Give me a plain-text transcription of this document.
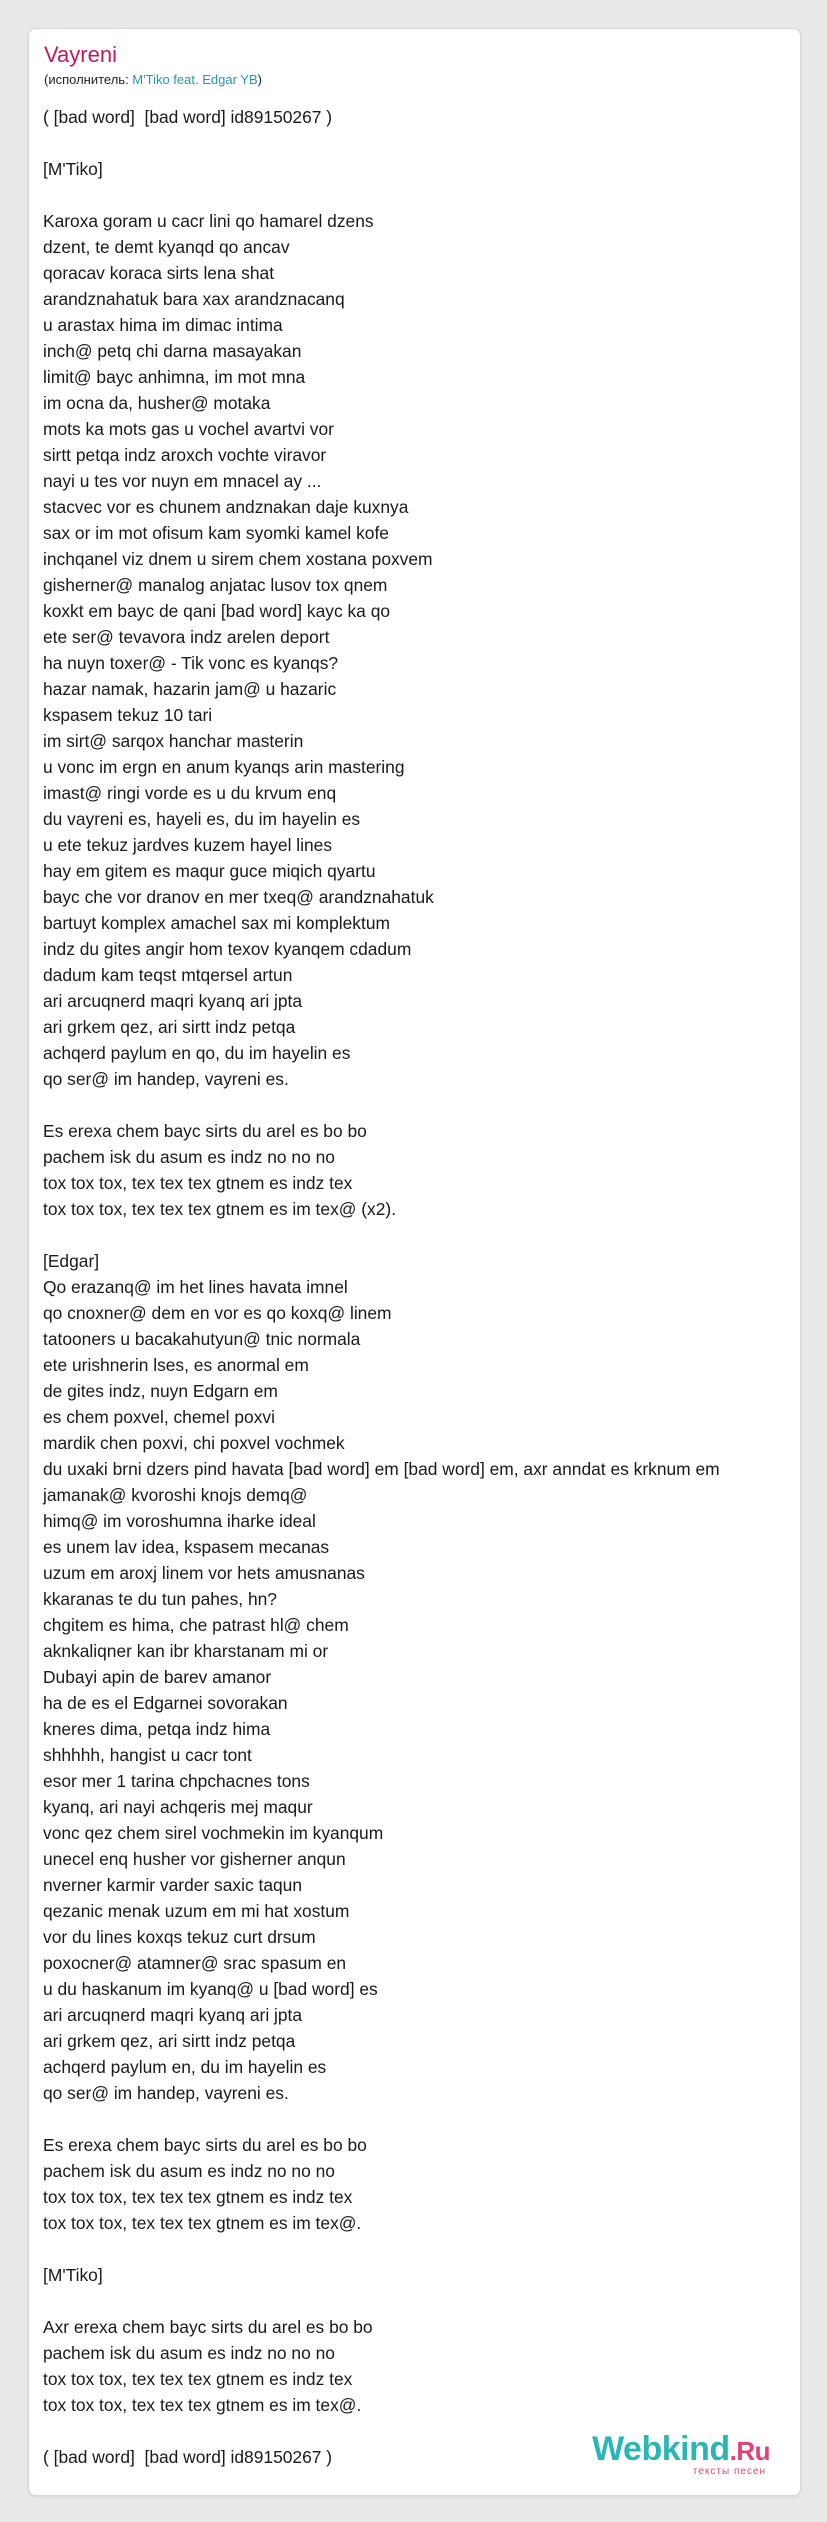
Vayreni
(исполнитель: M'Tiko feat. Edgar YB)
( [bad word]  [bad word] id89150267 )

[M'Tiko]

Karoxa goram u cacr lini qo hamarel dzens
dzent, te demt kyanqd qo ancav
qoracav koraca sirts lena shat
arandznahatuk bara xax arandznacanq
u arastax hima im dimac intima
inch@ petq chi darna masayakan
limit@ bayc anhimna, im mot mna
im ocna da, husher@ motaka
mots ka mots gas u vochel avartvi vor
sirtt petqa indz aroxch vochte viravor
nayi u tes vor nuyn em mnacel ay ...
stacvec vor es chunem andznakan daje kuxnya
sax or im mot ofisum kam syomki kamel kofe
inchqanel viz dnem u sirem chem xostana poxvem
gisherner@ manalog anjatac lusov tox qnem
koxkt em bayc de qani [bad word] kayc ka qo
ete ser@ tevavora indz arelen deport
ha nuyn toxer@ - Tik vonc es kyanqs?
hazar namak, hazarin jam@ u hazaric
kspasem tekuz 10 tari
im sirt@ sarqox hanchar masterin
u vonc im ergn en anum kyanqs arin mastering
imast@ ringi vorde es u du krvum enq
du vayreni es, hayeli es, du im hayelin es
u ete tekuz jardves kuzem hayel lines
hay em gitem es maqur guce miqich qyartu
bayc che vor dranov en mer txeq@ arandznahatuk
bartuyt komplex amachel sax mi komplektum
indz du gites angir hom texov kyanqem cdadum
dadum kam teqst mtqersel artun
ari arcuqnerd maqri kyanq ari jpta
ari grkem qez, ari sirtt indz petqa
achqerd paylum en qo, du im hayelin es
qo ser@ im handep, vayreni es.

Es erexa chem bayc sirts du arel es bo bo
pachem isk du asum es indz no no no
tox tox tox, tex tex tex gtnem es indz tex
tox tox tox, tex tex tex gtnem es im tex@ (x2).

[Edgar]
Qo erazanq@ im het lines havata imnel
qo cnoxner@ dem en vor es qo koxq@ linem
tatooners u bacakahutyun@ tnic normala
ete urishnerin lses, es anormal em
de gites indz, nuyn Edgarn em
es chem poxvel, chemel poxvi
mardik chen poxvi, chi poxvel vochmek
du uxaki brni dzers pind havata [bad word] em [bad word] em, axr anndat es krknum em
jamanak@ kvoroshi knojs demq@
himq@ im voroshumna iharke ideal
es unem lav idea, kspasem mecanas
uzum em aroxj linem vor hets amusnanas
kkaranas te du tun pahes, hn?
chgitem es hima, che patrast hl@ chem
aknkaliqner kan ibr kharstanam mi or
Dubayi apin de barev amanor
ha de es el Edgarnei sovorakan
kneres dima, petqa indz hima
shhhhh, hangist u cacr tont
esor mer 1 tarina chpchacnes tons
kyanq, ari nayi achqeris mej maqur
vonc qez chem sirel vochmekin im kyanqum
unecel enq husher vor gisherner anqun
nverner karmir varder saxic taqun
qezanic menak uzum em mi hat xostum
vor du lines koxqs tekuz curt drsum
poxocner@ atamner@ srac spasum en
u du haskanum im kyanq@ u [bad word] es
ari arcuqnerd maqri kyanq ari jpta
ari grkem qez, ari sirtt indz petqa
achqerd paylum en, du im hayelin es
qo ser@ im handep, vayreni es.

Es erexa chem bayc sirts du arel es bo bo
pachem isk du asum es indz no no no
tox tox tox, tex tex tex gtnem es indz tex
tox tox tox, tex tex tex gtnem es im tex@.

[M'Tiko]

Axr erexa chem bayc sirts du arel es bo bo
pachem isk du asum es indz no no no
tox tox tox, tex tex tex gtnem es indz tex
tox tox tox, tex tex tex gtnem es im tex@.

( [bad word]  [bad word] id89150267 )	Webkind.Ru
тексты песен
